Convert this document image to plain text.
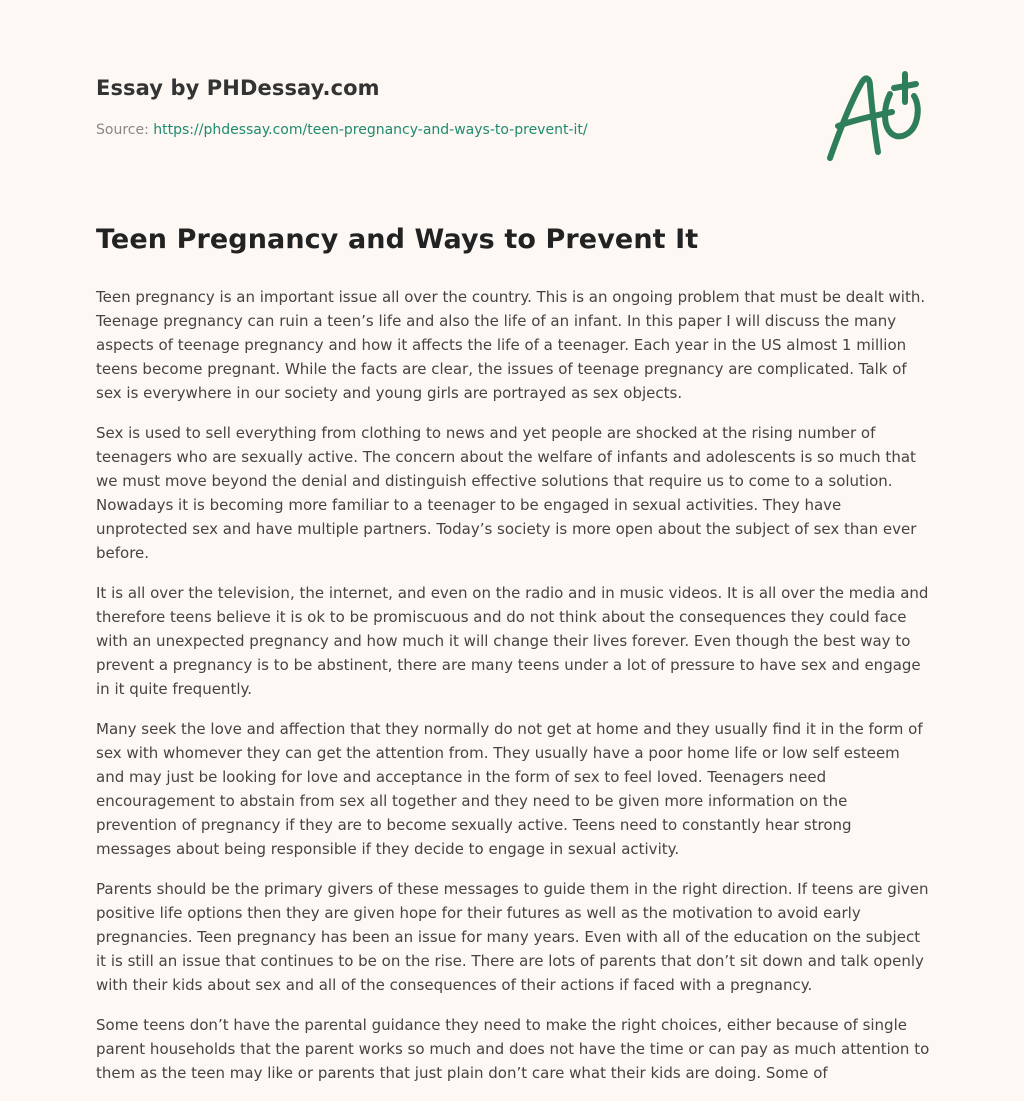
Essay by PHDessay.com
Source: https://phdessay.com/teen-pregnancy-and-ways-to-prevent-it/
Teen Pregnancy and Ways to Prevent It

Teen pregnancy is an important issue all over the country. This is an ongoing problem that must be dealt with. Teenage pregnancy can ruin a teen’s life and also the life of an infant. In this paper I will discuss the many aspects of teenage pregnancy and how it affects the life of a teenager. Each year in the US almost 1 million teens become pregnant. While the facts are clear, the issues of teenage pregnancy are complicated. Talk of sex is everywhere in our society and young girls are portrayed as sex objects.

Sex is used to sell everything from clothing to news and yet people are shocked at the rising number of teenagers who are sexually active. The concern about the welfare of infants and adolescents is so much that we must move beyond the denial and distinguish effective solutions that require us to come to a solution. Nowadays it is becoming more familiar to a teenager to be engaged in sexual activities. They have unprotected sex and have multiple partners. Today’s society is more open about the subject of sex than ever before.

It is all over the television, the internet, and even on the radio and in music videos. It is all over the media and therefore teens believe it is ok to be promiscuous and do not think about the consequences they could face with an unexpected pregnancy and how much it will change their lives forever. Even though the best way to prevent a pregnancy is to be abstinent, there are many teens under a lot of pressure to have sex and engage in it quite frequently.

Many seek the love and affection that they normally do not get at home and they usually find it in the form of sex with whomever they can get the attention from. They usually have a poor home life or low self esteem and may just be looking for love and acceptance in the form of sex to feel loved. Teenagers need encouragement to abstain from sex all together and they need to be given more information on the prevention of pregnancy if they are to become sexually active. Teens need to constantly hear strong messages about being responsible if they decide to engage in sexual activity.

Parents should be the primary givers of these messages to guide them in the right direction. If teens are given positive life options then they are given hope for their futures as well as the motivation to avoid early pregnancies. Teen pregnancy has been an issue for many years. Even with all of the education on the subject it is still an issue that continues to be on the rise. There are lots of parents that don’t sit down and talk openly with their kids about sex and all of the consequences of their actions if faced with a pregnancy.

Some teens don’t have the parental guidance they need to make the right choices, either because of single parent households that the parent works so much and does not have the time or can pay as much attention to them as the teen may like or parents that just plain don’t care what their kids are doing. Some of
